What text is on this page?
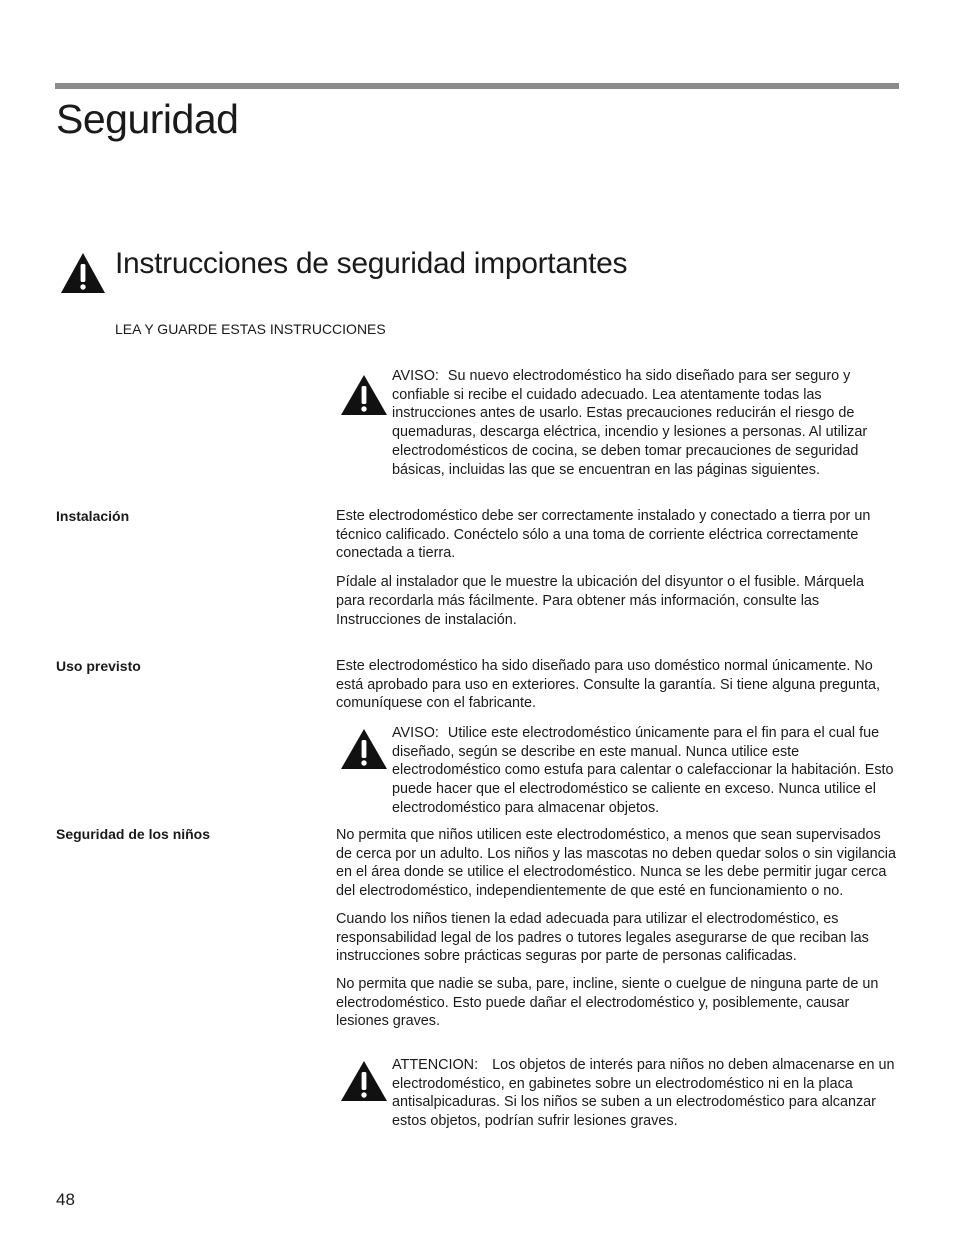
Seguridad
Instrucciones de seguridad importantes
LEA Y GUARDE ESTAS INSTRUCCIONES
AVISO: Su nuevo electrodoméstico ha sido diseñado para ser seguro y confiable si recibe el cuidado adecuado. Lea atentamente todas las instrucciones antes de usarlo. Estas precauciones reducirán el riesgo de quemaduras, descarga eléctrica, incendio y lesiones a personas. Al utilizar electrodomésticos de cocina, se deben tomar precauciones de seguridad básicas, incluidas las que se encuentran en las páginas siguientes.
Instalación	Este electrodoméstico debe ser correctamente instalado y conectado a tierra por un técnico calificado. Conéctelo sólo a una toma de corriente eléctrica correctamente conectada a tierra.

Pídale al instalador que le muestre la ubicación del disyuntor o el fusible. Márquela para recordarla más fácilmente. Para obtener más información, consulte las Instrucciones de instalación.

Uso previsto	Este electrodoméstico ha sido diseñado para uso doméstico normal únicamente. No está aprobado para uso en exteriores. Consulte la garantía. Si tiene alguna pregunta, comuníquese con el fabricante.

AVISO: Utilice este electrodoméstico únicamente para el fin para el cual fue diseñado, según se describe en este manual. Nunca utilice este electrodoméstico como estufa para calentar o calefaccionar la habitación. Esto puede hacer que el electrodoméstico se caliente en exceso. Nunca utilice el electrodoméstico para almacenar objetos.
Seguridad de los niños	No permita que niños utilicen este electrodoméstico, a menos que sean supervisados de cerca por un adulto. Los niños y las mascotas no deben quedar solos o sin vigilancia en el área donde se utilice el electrodoméstico. Nunca se les debe permitir jugar cerca del electrodoméstico, independientemente de que esté en funcionamiento o no.

Cuando los niños tienen la edad adecuada para utilizar el electrodoméstico, es responsabilidad legal de los padres o tutores legales asegurarse de que reciban las instrucciones sobre prácticas seguras por parte de personas calificadas.

No permita que nadie se suba, pare, incline, siente o cuelgue de ninguna parte de un electrodoméstico. Esto puede dañar el electrodoméstico y, posiblemente, causar lesiones graves.

ATTENCION: Los objetos de interés para niños no deben almacenarse en un electrodoméstico, en gabinetes sobre un electrodoméstico ni en la placa antisalpicaduras. Si los niños se suben a un electrodoméstico para alcanzar estos objetos, podrían sufrir lesiones graves.
48
